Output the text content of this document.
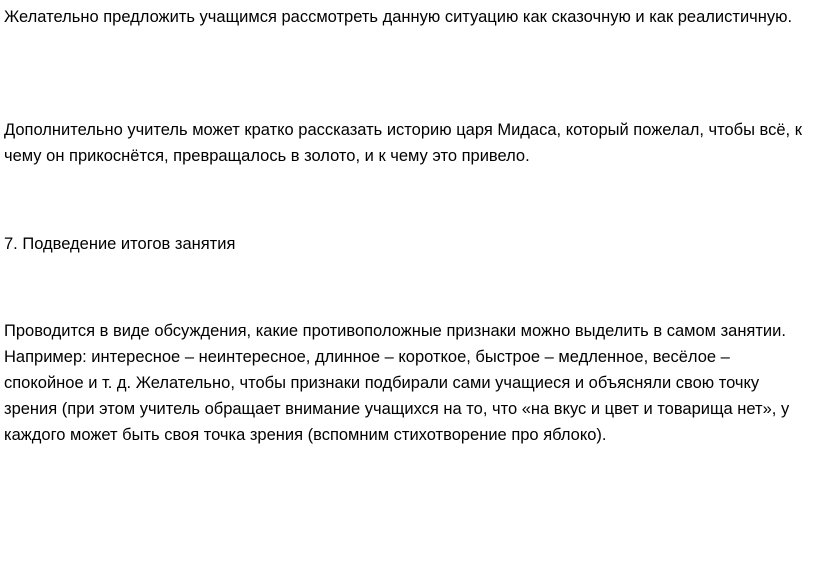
Желательно предложить учащимся рассмотреть данную ситуацию как сказочную и как реалистичную.

Дополнительно учитель может кратко рассказать историю царя Мидаса, который пожелал, чтобы всё, к чему он прикоснётся, превращалось в золото, и к чему это привело.

7. Подведение итогов занятия

Проводится в виде обсуждения, какие противоположные признаки можно выделить в самом занятии. Например: интересное – неинтересное, длинное – короткое, быстрое – медленное, весёлое – спокойное и т. д. Желательно, чтобы признаки подбирали сами учащиеся и объясняли свою точку зрения (при этом учитель обращает внимание учащихся на то, что «на вкус и цвет и товарища нет», у каждого может быть своя точка зрения (вспомним стихотворение про яблоко).
